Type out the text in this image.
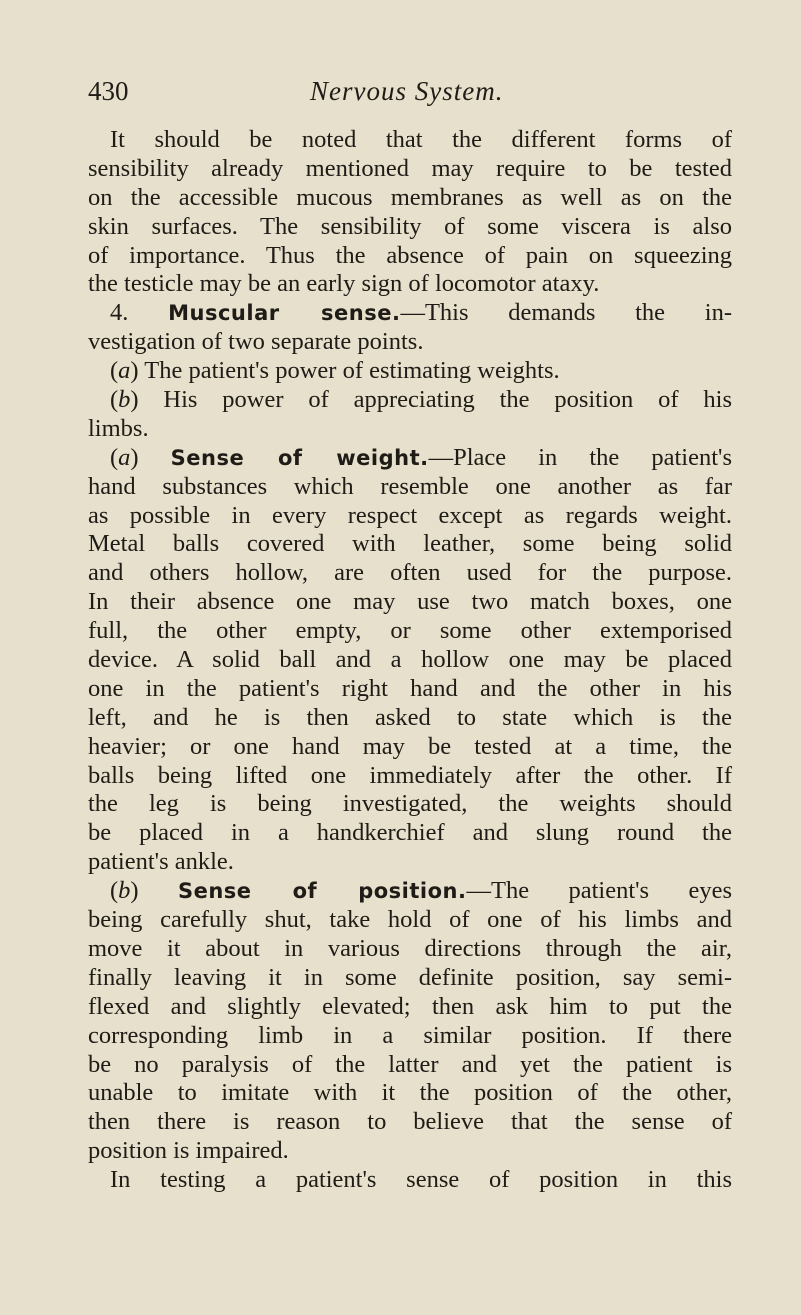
430	Nervous System.
It should be noted that the different forms of
sensibility already mentioned may require to be tested
on the accessible mucous membranes as well as on the
skin surfaces. The sensibility of some viscera is also
of importance. Thus the absence of pain on squeezing
the testicle may be an early sign of locomotor ataxy.
4. Muscular sense.—This demands the in-
vestigation of two separate points.
(a) The patient's power of estimating weights.
(b) His power of appreciating the position of his
limbs.
(a) Sense of weight.—Place in the patient's
hand substances which resemble one another as far
as possible in every respect except as regards weight.
Metal balls covered with leather, some being solid
and others hollow, are often used for the purpose.
In their absence one may use two match boxes, one
full, the other empty, or some other extemporised
device. A solid ball and a hollow one may be placed
one in the patient's right hand and the other in his
left, and he is then asked to state which is the
heavier; or one hand may be tested at a time, the
balls being lifted one immediately after the other. If
the leg is being investigated, the weights should
be placed in a handkerchief and slung round the
patient's ankle.
(b) Sense of position.—The patient's eyes
being carefully shut, take hold of one of his limbs and
move it about in various directions through the air,
finally leaving it in some definite position, say semi-
flexed and slightly elevated; then ask him to put the
corresponding limb in a similar position. If there
be no paralysis of the latter and yet the patient is
unable to imitate with it the position of the other,
then there is reason to believe that the sense of
position is impaired.
In testing a patient's sense of position in this
